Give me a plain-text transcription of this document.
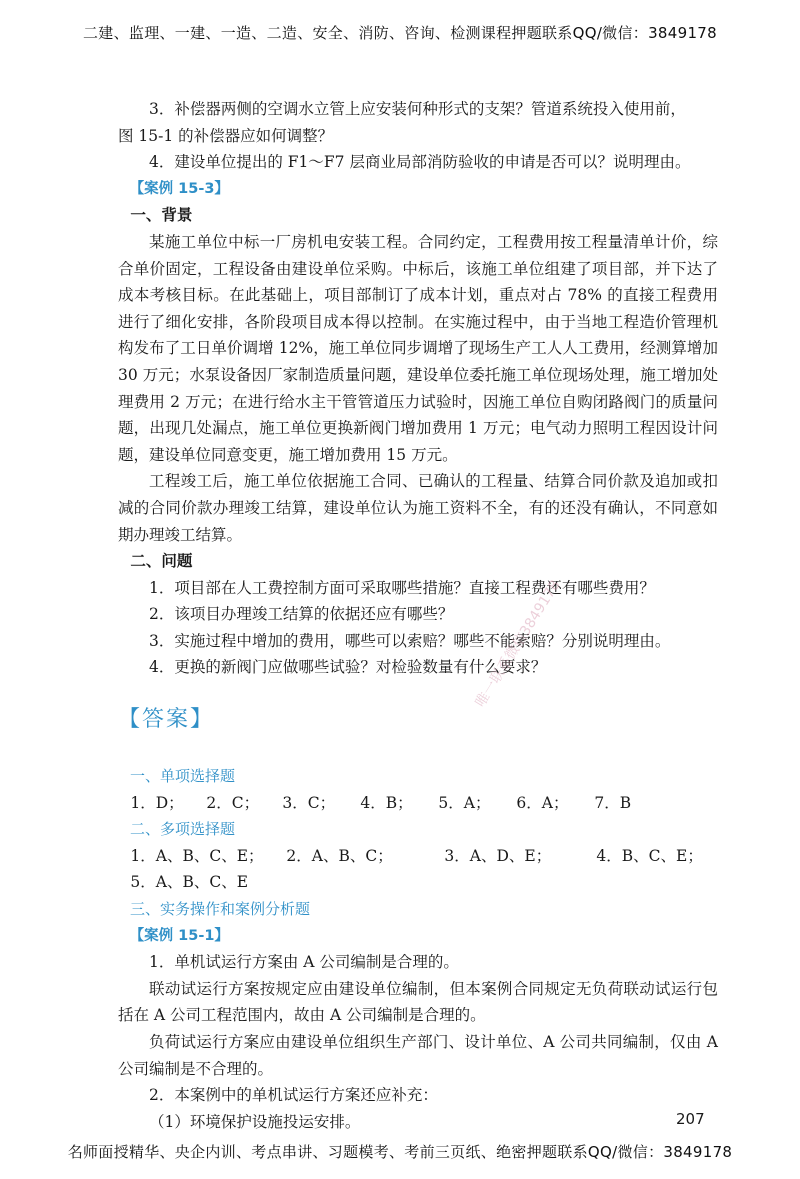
二建、监理、一建、一造、二造、安全、消防、咨询、检测课程押题联系QQ/微信：3849178

3．补偿器两侧的空调水立管上应安装何种形式的支架？管道系统投入使用前，

图 15-1 的补偿器应如何调整？

4．建设单位提出的 F1～F7 层商业局部消防验收的申请是否可以？说明理由。

【案例 15-3】

一、背景

某施工单位中标一厂房机电安装工程。合同约定，工程费用按工程量清单计价，综合单价固定，工程设备由建设单位采购。中标后，该施工单位组建了项目部，并下达了成本考核目标。在此基础上，项目部制订了成本计划，重点对占 78% 的直接工程费用进行了细化安排，各阶段项目成本得以控制。在实施过程中，由于当地工程造价管理机构发布了工日单价调增 12%，施工单位同步调增了现场生产工人人工费用，经测算增加 30 万元；水泵设备因厂家制造质量问题，建设单位委托施工单位现场处理，施工增加处理费用 2 万元；在进行给水主干管管道压力试验时，因施工单位自购闭路阀门的质量问题，出现几处漏点，施工单位更换新阀门增加费用 1 万元；电气动力照明工程因设计问题，建设单位同意变更，施工增加费用 15 万元。

工程竣工后，施工单位依据施工合同、已确认的工程量、结算合同价款及追加或扣减的合同价款办理竣工结算，建设单位认为施工资料不全，有的还没有确认，不同意如期办理竣工结算。

二、问题

1．项目部在人工费控制方面可采取哪些措施？直接工程费还有哪些费用？

2．该项目办理竣工结算的依据还应有哪些？

3．实施过程中增加的费用，哪些可以索赔？哪些不能索赔？分别说明理由。

4．更换的新阀门应做哪些试验？对检验数量有什么要求？

【答案】

一、单项选择题

1．D；	2．C；	3．C；	4．B；	5．A；	6．A；	7．B

二、多项选择题

1．A、B、C、E；	2．A、B、C；	3．A、D、E；	4．B、C、E；
5．A、B、C、E

三、实务操作和案例分析题

【案例 15-1】

1．单机试运行方案由 A 公司编制是合理的。

联动试运行方案按规定应由建设单位编制，但本案例合同规定无负荷联动试运行包括在 A 公司工程范围内，故由 A 公司编制是合理的。

负荷试运行方案应由建设单位组织生产部门、设计单位、A 公司共同编制，仅由 A 公司编制是不合理的。

2．本案例中的单机试运行方案还应补充：

（1）环境保护设施投运安排。

唯一联系微信3849178
207
名师面授精华、央企内训、考点串讲、习题模考、考前三页纸、绝密押题联系QQ/微信：3849178
